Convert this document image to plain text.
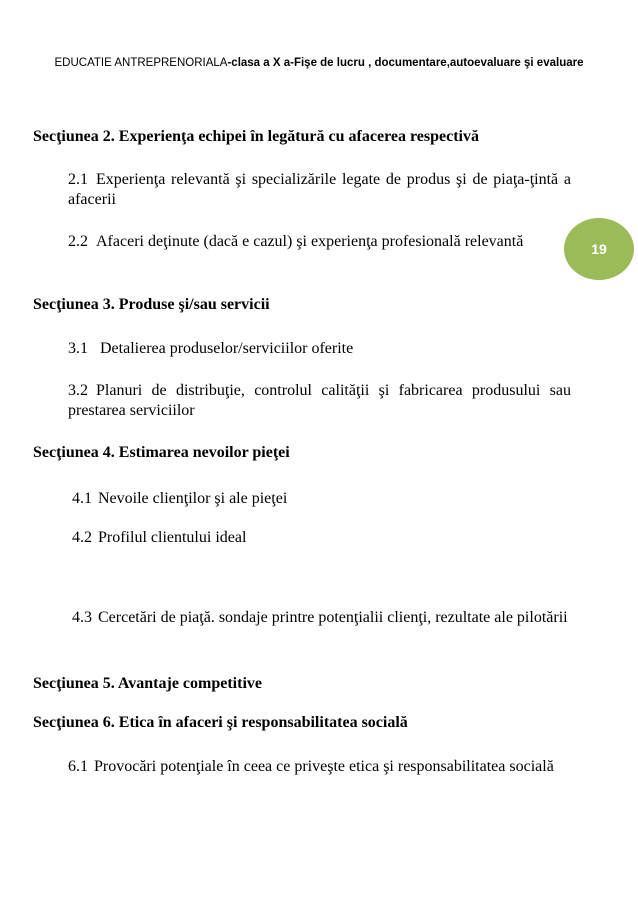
EDUCATIE ANTREPRENORIALA-clasa a X a-Fişe de lucru , documentare,autoevaluare şi evaluare
19
Secţiunea 2. Experienţa echipei în legătură cu afacerea respectivă
2.1 Experienţa relevantă şi specializările legate de produs şi de piaţa-ţintă a afacerii
2.2 Afaceri deţinute (dacă e cazul) şi experienţa profesională relevantă
Secţiunea 3. Produse şi/sau servicii
3.1 Detalierea produselor/serviciilor oferite
3.2 Planuri de distribuţie, controlul calităţii şi fabricarea produsului sau prestarea serviciilor
Secţiunea 4. Estimarea nevoilor pieţei
4.1 Nevoile clienţilor şi ale pieţei
4.2 Profilul clientului ideal
4.3 Cercetări de piaţă. sondaje printre potenţialii clienţi, rezultate ale pilotării
Secţiunea 5. Avantaje competitive
Secţiunea 6. Etica în afaceri şi responsabilitatea socială
6.1 Provocări potenţiale în ceea ce priveşte etica şi responsabilitatea socială
